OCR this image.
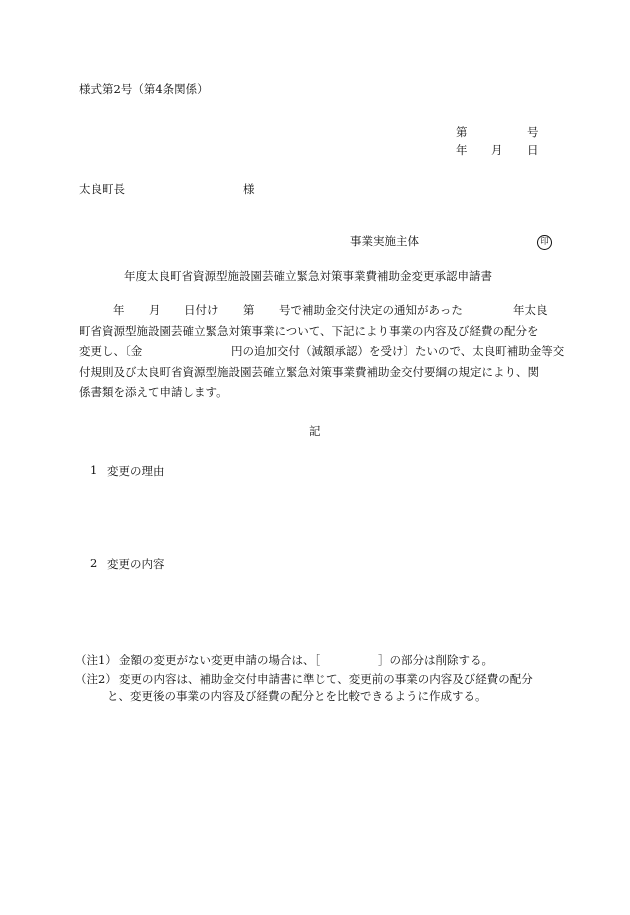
様式第2号（第4条関係）
第	号
年 月 日
太良町長	様
事業実施主体	印
年度太良町省資源型施設園芸確立緊急対策事業費補助金変更承認申請書
年 月 日付け 第 号で補助金交付決定の通知があった	年太良
町省資源型施設園芸確立緊急対策事業について、下記により事業の内容及び経費の配分を
変更し、〔金	円の追加交付（減額承認）を受け〕たいので、太良町補助金等交
付規則及び太良町省資源型施設園芸確立緊急対策事業費補助金交付要綱の規定により、関
係書類を添えて申請します。
記
1 変更の理由
2 変更の内容
（注1） 金額の変更がない変更申請の場合は、［	］の部分は削除する。
（注2） 変更の内容は、補助金交付申請書に準じて、変更前の事業の内容及び経費の配分
と、変更後の事業の内容及び経費の配分とを比較できるように作成する。
